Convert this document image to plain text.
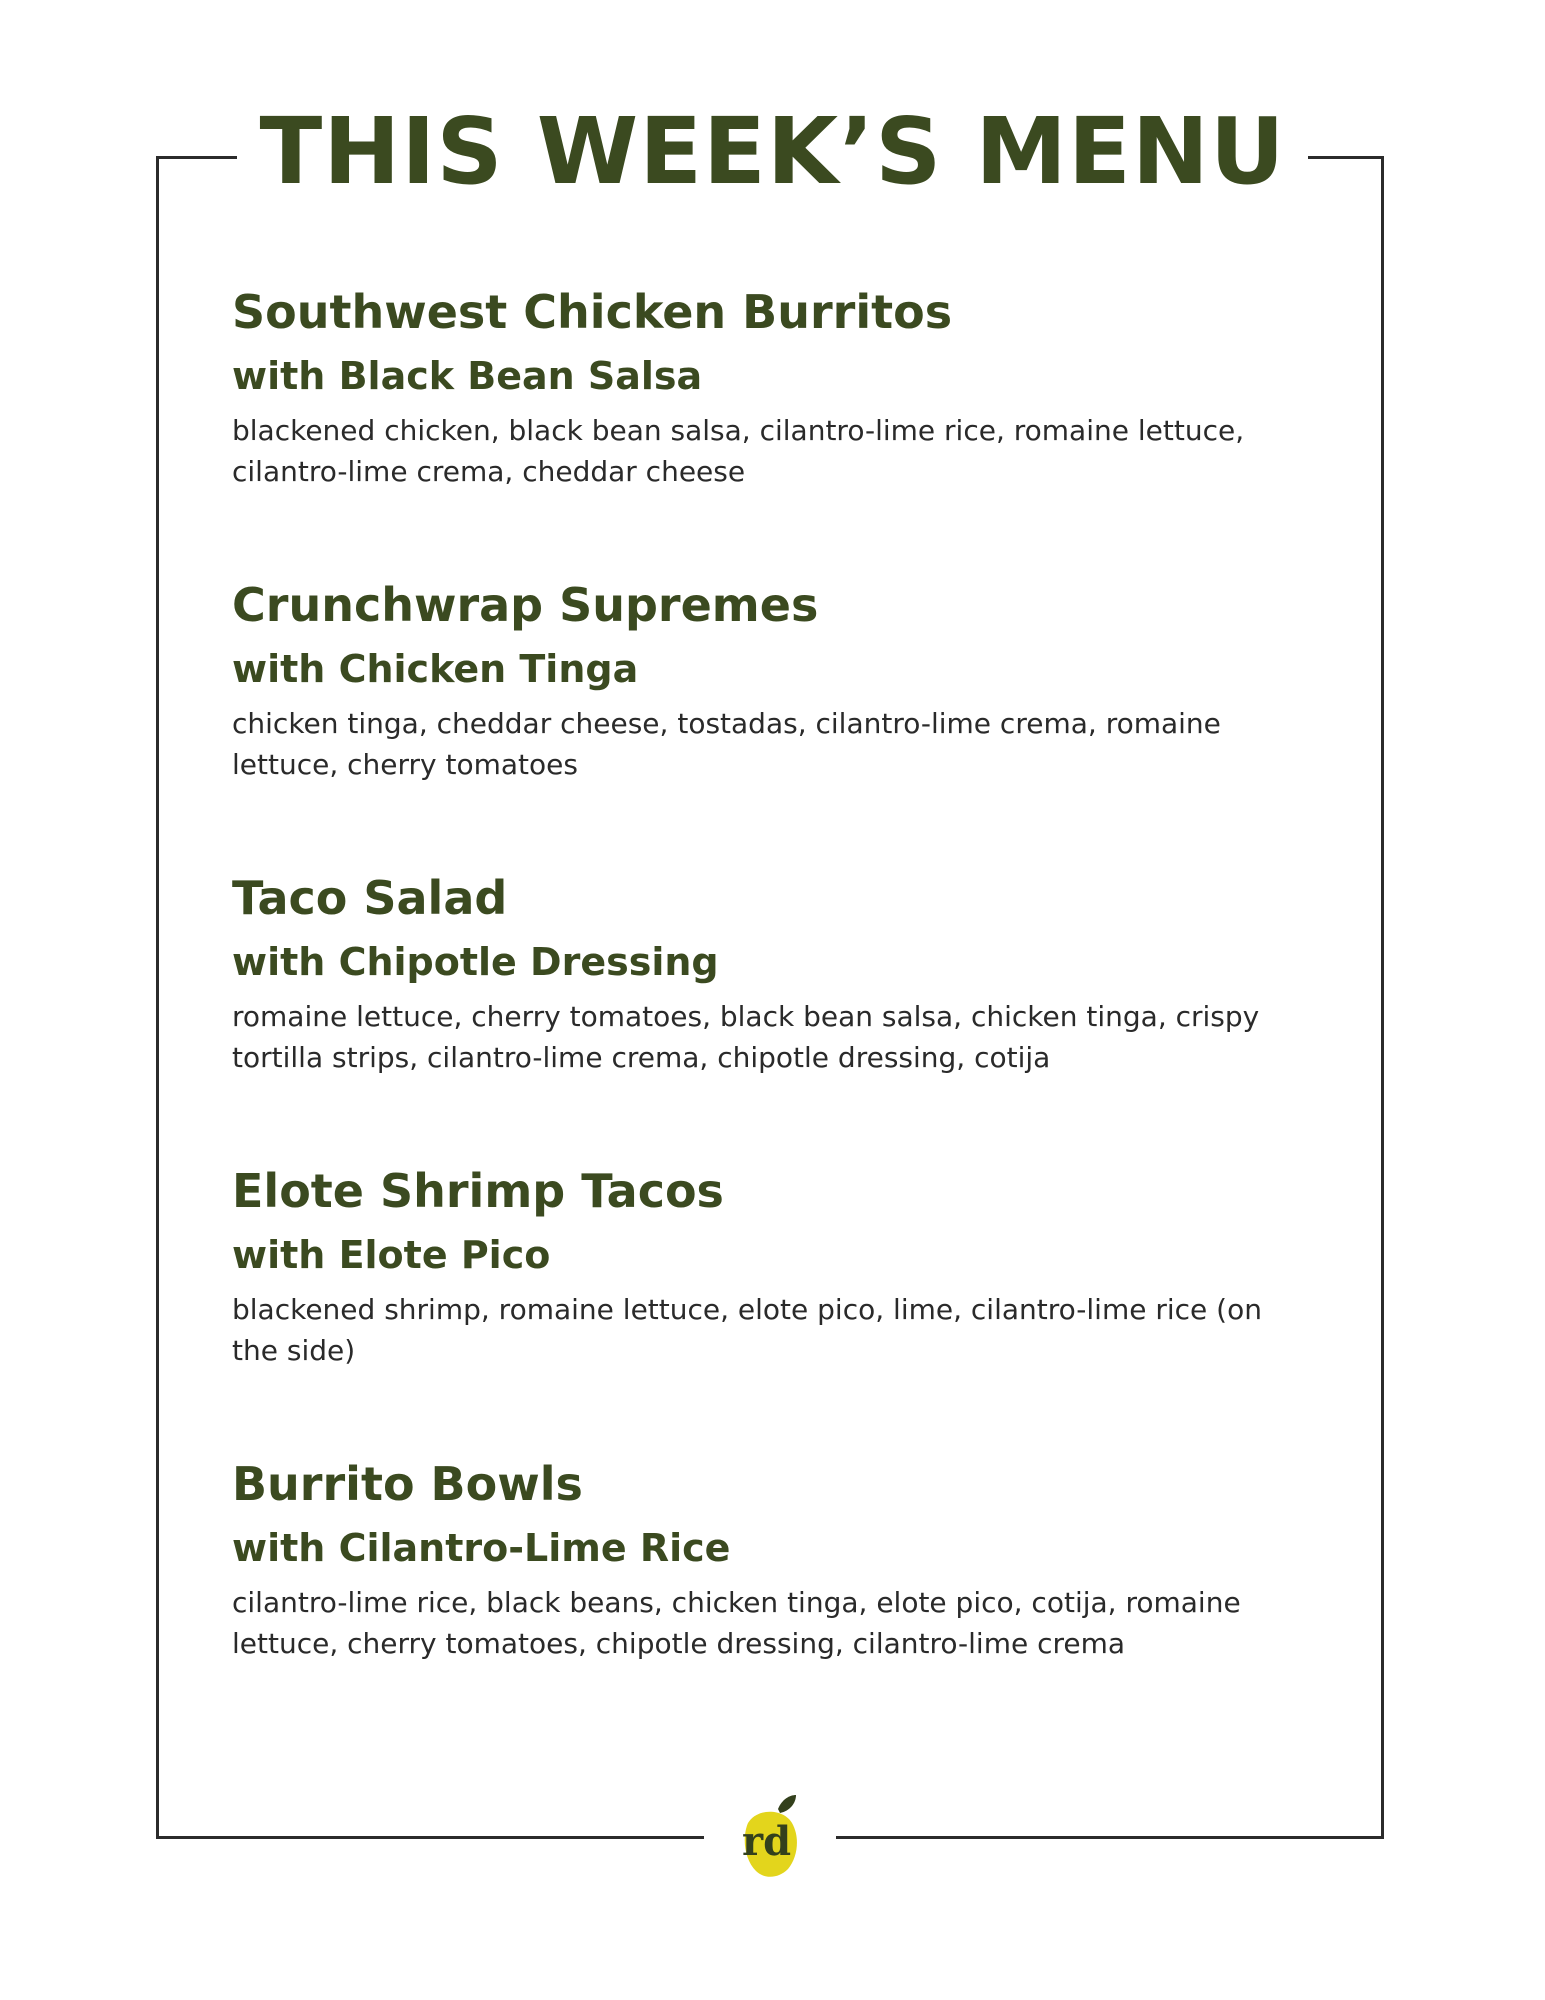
THIS WEEK’S MENU
Southwest Chicken Burritos
with Black Bean Salsa
blackened chicken, black bean salsa, cilantro-lime rice, romaine lettuce, cilantro-lime crema, cheddar cheese
Crunchwrap Supremes
with Chicken Tinga
chicken tinga, cheddar cheese, tostadas, cilantro-lime crema, romaine lettuce, cherry tomatoes
Taco Salad
with Chipotle Dressing
romaine lettuce, cherry tomatoes, black bean salsa, chicken tinga, crispy tortilla strips, cilantro-lime crema, chipotle dressing, cotija
Elote Shrimp Tacos
with Elote Pico
blackened shrimp, romaine lettuce, elote pico, lime, cilantro-lime rice (on the side)
Burrito Bowls
with Cilantro-Lime Rice
cilantro-lime rice, black beans, chicken tinga, elote pico, cotija, romaine lettuce, cherry tomatoes, chipotle dressing, cilantro-lime crema
rd
